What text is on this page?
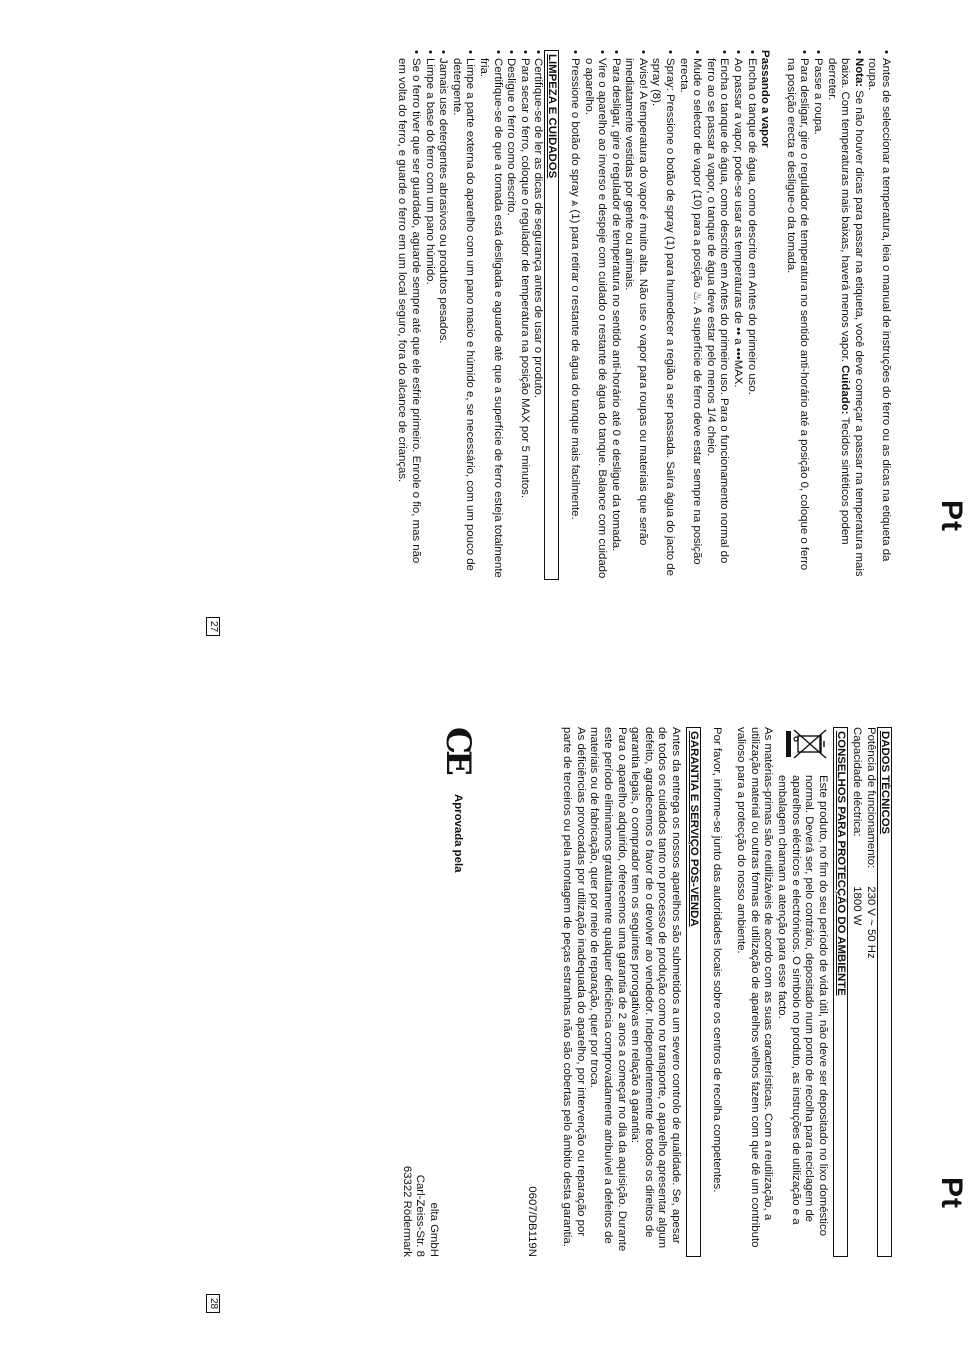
Pt
• Antes de seleccionar a temperatura, leia o manual de instruções do ferro ou as dicas na etiqueta da roupa.
• Nota: Se não houver dicas para passar na etiqueta, você deve começar a passar na temperatura mais baixa. Com temperaturas mais baixas, haverá menos vapor. Cuidado: Tecidos sintéticos podem derreter.
• Passe a roupa.
• Para desligar, gire o regulador de temperatura no sentido anti-horário até a posição 0, coloque o ferro na posição erecta e desligue-o da tomada.
Passando a vapor
• Encha o tanque de água, como descrito em Antes do primeiro uso.
• Ao passar a vapor, pode-se usar as temperaturas de •• a •••MAX.
• Encha o tanque de água, como descrito em Antes do primeiro uso. Para o funcionamento normal do ferro ao se passar a vapor, o tanque de água deve estar pelo menos 1/4 cheio.
• Mude o selector de vapor (10) para a posição ♨. A superfície de ferro deve estar sempre na posição erecta.
• Spray: Pressione o botão de spray (1) para humedecer a região a ser passada. Saíra água do jacto de spray (8).
• Aviso! A temperatura do vapor é muito alta. Não use o vapor para roupas ou materiais que serão imediatamente vestidas por gente ou animais.
• Para desligar, gire o regulador de temperatura no sentido anti-horário até 0 e desligue da tomada.
• Vire o aparelho ao inverso e despeje com cuidado o restante de água do tanque. Balance com cuidado o aparelho.
• Pressione o botão do spray ⩓ (1) para retirar o restante de água do tanque mais facilmente.
LIMPEZA E CUIDADOS
• Certifique-se de ler as dicas de segurança antes de usar o produto.
• Para secar o ferro, coloque o regulador de temperatura na posição MAX por 5 minutos.
• Desligue o ferro como descrito.
• Certifique-se de que a tomada está desligada e aguarde até que a superfície de ferro esteja totalmente fria.
• Limpe a parte externa do aparelho com um pano macio e húmido e, se necessário, com um pouco de detergente.
• Jamais use detergentes abrasivos ou produtos pesados.
• Limpe a base do ferro com um pano húmido.
• Se o ferro tiver que ser guardado, aguarde sempre até que ele esfrie primeiro. Enrole o fio, mas não em volta do ferro, e guarde o ferro em um local seguro, fora do alcance de crianças.
27
Pt
DADOS TÉCNICOS
Potência de funcionamento:	230 V ~ 50 Hz
Capacidade eléctrica:	1800 W
CONSELHOS PARA PROTECÇÃO DO AMBIENTE

Este produto, no fim do seu período de vida útil, não deve ser depositado no lixo doméstico normal. Deverá ser, pelo contrário, depositado num ponto de recolha para reciclagem de aparelhos eléctricos e electrónicos. O símbolo no produto, as instruções de utilização e a embalagem chamam a atenção para esse facto.

As matérias-primas são reutilizáveis de acordo com as suas características. Com a reutilização, a utilização material ou outras formas de utilização de aparelhos velhos fazem com que dê um contributo valioso para a protecção do nosso ambiente.

Por favor, informe-se junto das autoridades locais sobre os centros de recolha competentes.

GARANTIA E SERVIÇO PÓS-VENDA

Antes da entrega os nossos aparelhos são submetidos a um severo controlo de qualidade. Se, apesar de todos os cuidados tanto no processo de produção como no transporte, o aparelho apresentar algum defeito, agradecemos o favor de o devolver ao vendedor. Independentemente de todos os direitos de garantia legais, o comprador tem os seguintes prorogativas em relação à garantia:

Para o aparelho adquirido, oferecemos uma garantia de 2 anos a começar no dia da aquisição. Durante este período eliminamos gratuitamente qualquer deficiência comprovadamente atribuível a defeitos de materiais ou de fabricação, quer por meio de reparação, quer por troca.

As deficiências provocadas por utilização inadequada do aparelho, por intervenção ou reparação por parte de terceiros ou pela montagem de peças estranhas não são cobertas pelo âmbito desta garantia.

CE
Aprovada pela
0607/DB119N
elta GmbH
Carl-Zeiss-Str. 8
63322 Rödermark
28
